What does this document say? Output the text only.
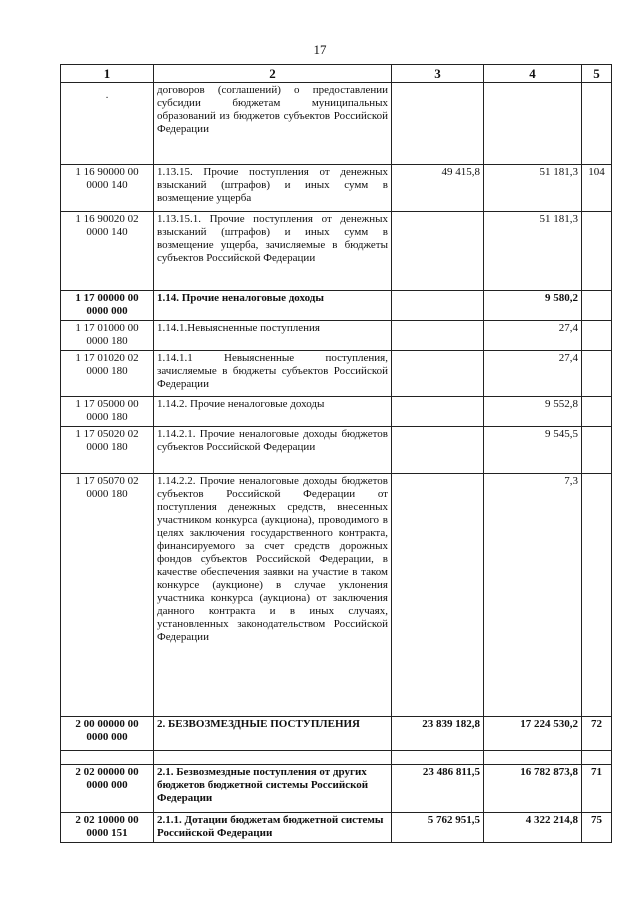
17
1	2	3	4	5

·	договоров (соглашений) о предоставлении субсидии бюджетам муниципальных образований из бюджетов субъектов Российской Федерации			
1 16 90000 00 0000 140	1.13.15. Прочие поступления от денежных взысканий (штрафов) и иных сумм в возмещение ущерба	49 415,8	51 181,3	104
1 16 90020 02 0000 140	1.13.15.1. Прочие поступления от денежных взысканий (штрафов) и иных сумм в возмещение ущерба, зачисляемые в бюджеты субъектов Российской Федерации		51 181,3	
1 17 00000 00 0000 000	1.14. Прочие неналоговые доходы		9 580,2	
1 17 01000 00 0000 180	1.14.1.Невыясненные поступления		27,4	
1 17 01020 02 0000 180	1.14.1.1 Невыясненные поступления, зачисляемые в бюджеты субъектов Российской Федерации		27,4	
1 17 05000 00 0000 180	1.14.2. Прочие неналоговые доходы		9 552,8	
1 17 05020 02 0000 180	1.14.2.1. Прочие неналоговые доходы бюджетов субъектов Российской Федерации		9 545,5	
1 17 05070 02 0000 180	1.14.2.2. Прочие неналоговые доходы бюджетов субъектов Российской Федерации от поступления денежных средств, внесенных участником конкурса (аукциона), проводимого в целях заключения государственного контракта, финансируемого за счет средств дорожных фондов субъектов Российской Федерации, в качестве обеспечения заявки на участие в таком конкурсе (аукционе) в случае уклонения участника конкурса (аукциона) от заключения данного контракта и в иных случаях, установленных законодательством Российской Федерации		7,3	
2 00 00000 00 0000 000	2. БЕЗВОЗМЕЗДНЫЕ ПОСТУПЛЕНИЯ	23 839 182,8	17 224 530,2	72

2 02 00000 00 0000 000	2.1. Безвозмездные поступления от других бюджетов бюджетной системы Российской Федерации	23 486 811,5	16 782 873,8	71
2 02 10000 00 0000 151	2.1.1. Дотации бюджетам бюджетной системы Российской Федерации	5 762 951,5	4 322 214,8	75
